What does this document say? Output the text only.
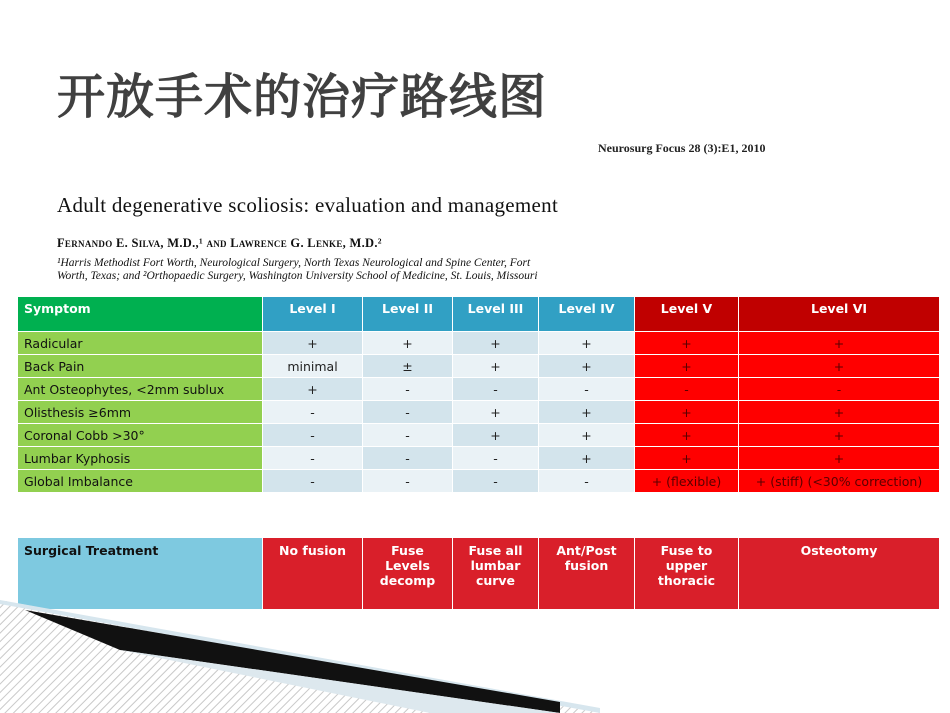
开放手术的治疗路线图
Neurosurg Focus 28 (3):E1, 2010
Adult degenerative scoliosis: evaluation and management
Fernando E. Silva, M.D.,¹ and Lawrence G. Lenke, M.D.²

¹Harris Methodist Fort Worth, Neurological Surgery, North Texas Neurological and Spine Center, Fort

Worth, Texas; and ²Orthopaedic Surgery, Washington University School of Medicine, St. Louis, Missouri

Symptom	Level I	Level II	Level III	Level IV	Level V	Level VI
Radicular	+	+	+	+	+	+
Back Pain	minimal	±	+	+	+	+
Ant Osteophytes, <2mm sublux	+	-	-	-	-	-
Olisthesis ≥6mm	-	-	+	+	+	+
Coronal Cobb >30°	-	-	+	+	+	+
Lumbar Kyphosis	-	-	-	+	+	+
Global Imbalance	-	-	-	-	+ (flexible)	+ (stiff) (<30% correction)
Surgical Treatment	No fusion	Fuse Levels decomp	Fuse all lumbar curve	Ant/Post fusion	Fuse to upper thoracic	Osteotomy
